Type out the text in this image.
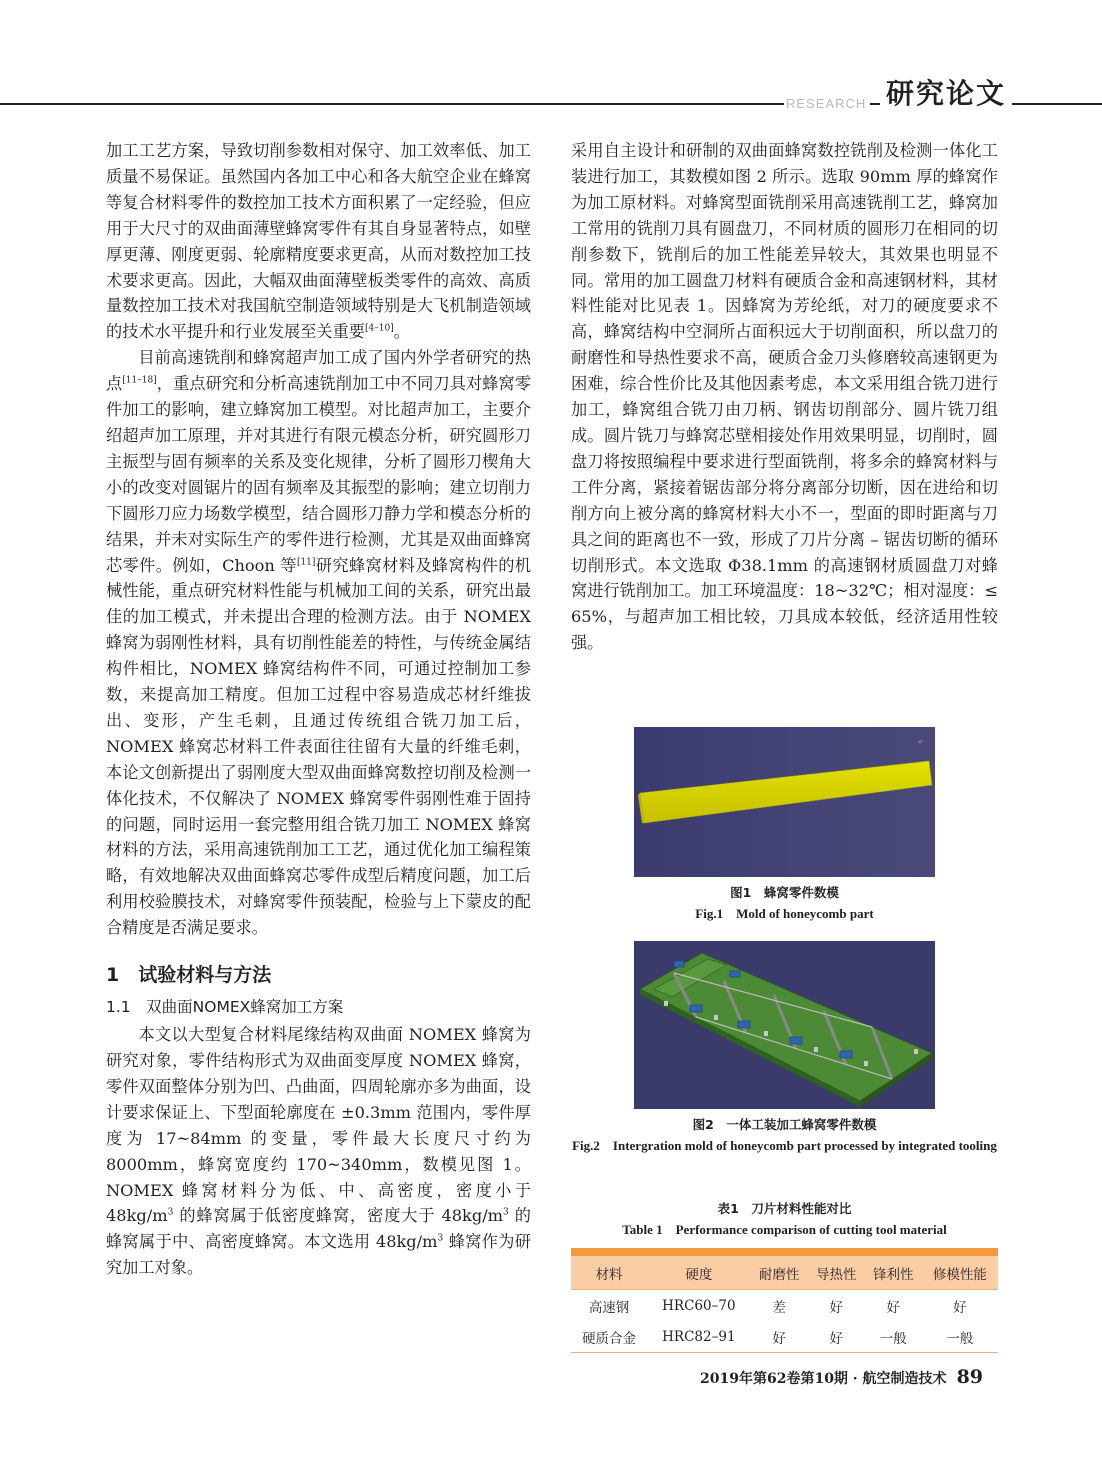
RESEARCH 研究论文

加工工艺方案，导致切削参数相对保守、加工效率低、加工质量不易保证。虽然国内各加工中心和各大航空企业在蜂窝等复合材料零件的数控加工技术方面积累了一定经验，但应用于大尺寸的双曲面薄壁蜂窝零件有其自身显著特点，如壁厚更薄、刚度更弱、轮廓精度要求更高，从而对数控加工技术要求更高。因此，大幅双曲面薄壁板类零件的高效、高质量数控加工技术对我国航空制造领域特别是大飞机制造领域的技术水平提升和行业发展至关重要[4–10]。

目前高速铣削和蜂窝超声加工成了国内外学者研究的热点[11–18]，重点研究和分析高速铣削加工中不同刀具对蜂窝零件加工的影响，建立蜂窝加工模型。对比超声加工，主要介绍超声加工原理，并对其进行有限元模态分析，研究圆形刀主振型与固有频率的关系及变化规律，分析了圆形刀楔角大小的改变对圆锯片的固有频率及其振型的影响；建立切削力下圆形刀应力场数学模型，结合圆形刀静力学和模态分析的结果，并未对实际生产的零件进行检测，尤其是双曲面蜂窝芯零件。例如，Choon 等[11]研究蜂窝材料及蜂窝构件的机械性能，重点研究材料性能与机械加工间的关系，研究出最佳的加工模式，并未提出合理的检测方法。由于 NOMEX 蜂窝为弱刚性材料，具有切削性能差的特性，与传统金属结构件相比，NOMEX 蜂窝结构件不同，可通过控制加工参数，来提高加工精度。但加工过程中容易造成芯材纤维拔出、变形，产生毛刺，且通过传统组合铣刀加工后，NOMEX 蜂窝芯材料工件表面往往留有大量的纤维毛刺，本论文创新提出了弱刚度大型双曲面蜂窝数控切削及检测一体化技术，不仅解决了 NOMEX 蜂窝零件弱刚性难于固持的问题，同时运用一套完整用组合铣刀加工 NOMEX 蜂窝材料的方法，采用高速铣削加工工艺，通过优化加工编程策略，有效地解决双曲面蜂窝芯零件成型后精度问题，加工后利用校验膜技术，对蜂窝零件预装配，检验与上下蒙皮的配合精度是否满足要求。

1　试验材料与方法
1.1　双曲面NOMEX蜂窝加工方案

本文以大型复合材料尾缘结构双曲面 NOMEX 蜂窝为研究对象，零件结构形式为双曲面变厚度 NOMEX 蜂窝，零件双面整体分别为凹、凸曲面，四周轮廓亦多为曲面，设计要求保证上、下型面轮廓度在 ±0.3mm 范围内，零件厚度为 17~84mm 的变量，零件最大长度尺寸约为 8000mm，蜂窝宽度约 170~340mm，数模见图 1。NOMEX 蜂窝材料分为低、中、高密度，密度小于 $48kg/m^3$ 的蜂窝属于低密度蜂窝，密度大于 $48kg/m^3$ 的蜂窝属于中、高密度蜂窝。本文选用 $48kg/m^3$ 蜂窝作为研究加工对象。

采用自主设计和研制的双曲面蜂窝数控铣削及检测一体化工装进行加工，其数模如图 2 所示。选取 90mm 厚的蜂窝作为加工原材料。对蜂窝型面铣削采用高速铣削工艺，蜂窝加工常用的铣削刀具有圆盘刀，不同材质的圆形刀在相同的切削参数下，铣削后的加工性能差异较大，其效果也明显不同。常用的加工圆盘刀材料有硬质合金和高速钢材料，其材料性能对比见表 1。因蜂窝为芳纶纸，对刀的硬度要求不高，蜂窝结构中空洞所占面积远大于切削面积，所以盘刀的耐磨性和导热性要求不高，硬质合金刀头修磨较高速钢更为困难，综合性价比及其他因素考虑，本文采用组合铣刀进行加工，蜂窝组合铣刀由刀柄、钢齿切削部分、圆片铣刀组成。圆片铣刀与蜂窝芯壁相接处作用效果明显，切削时，圆盘刀将按照编程中要求进行型面铣削，将多余的蜂窝材料与工件分离，紧接着锯齿部分将分离部分切断，因在进给和切削方向上被分离的蜂窝材料大小不一，型面的即时距离与刀具之间的距离也不一致，形成了刀片分离 – 锯齿切断的循环切削形式。本文选取 Φ38.1mm 的高速钢材质圆盘刀对蜂窝进行铣削加工。加工环境温度：18~32℃；相对湿度：≤ 65%，与超声加工相比较，刀具成本较低，经济适用性较强。

▱
图1　蜂窝零件数模
Fig.1　Mold of honeycomb part
图2　一体工装加工蜂窝零件数模
Fig.2　Intergration mold of honeycomb part processed by integrated tooling
表1　刀片材料性能对比
Table 1　Performance comparison of cutting tool material

材料	硬度	耐磨性	导热性	锋利性	修模性能
高速钢	HRC60–70	差	好	好	好
硬质合金	HRC82–91	好	好	一般	一般
2019年第62卷第10期 · 航空制造技术 89
